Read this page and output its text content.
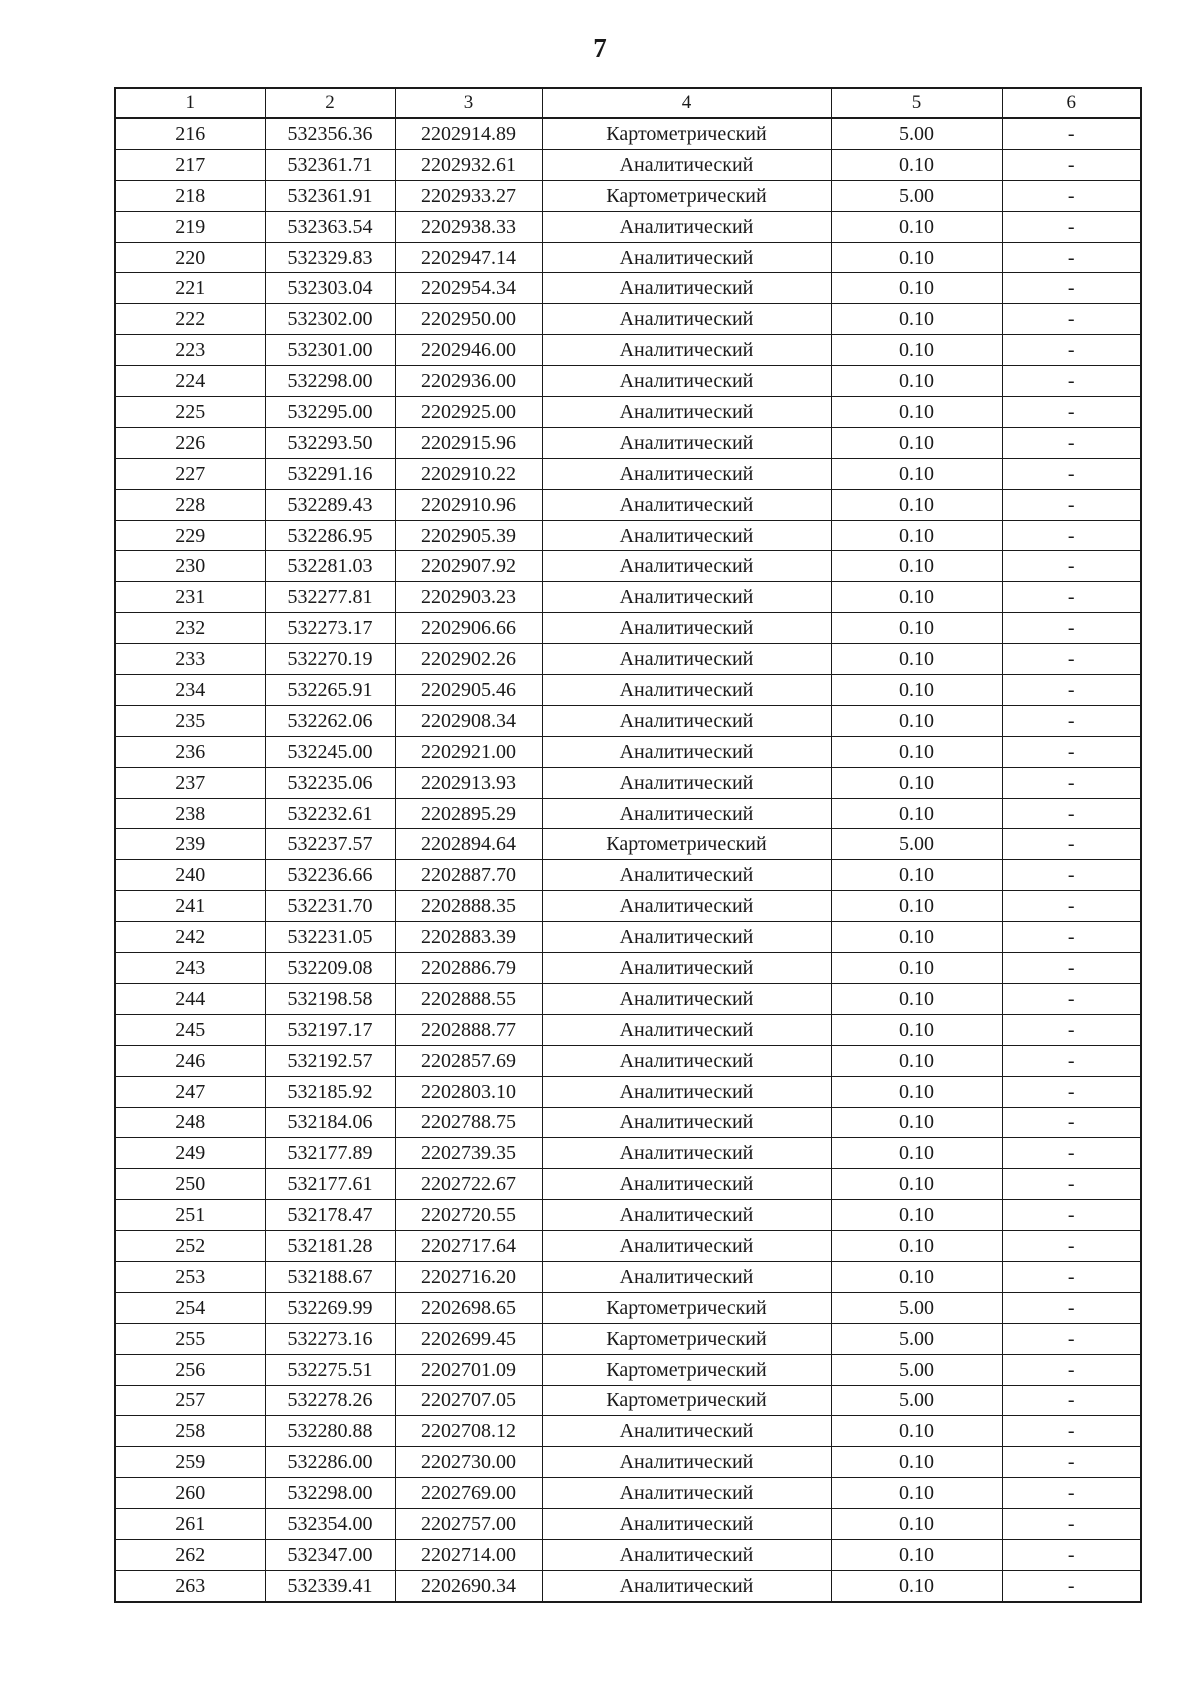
7
1	2	3	4	5	6
216	532356.36	2202914.89	Картометрический	5.00	-
217	532361.71	2202932.61	Аналитический	0.10	-
218	532361.91	2202933.27	Картометрический	5.00	-
219	532363.54	2202938.33	Аналитический	0.10	-
220	532329.83	2202947.14	Аналитический	0.10	-
221	532303.04	2202954.34	Аналитический	0.10	-
222	532302.00	2202950.00	Аналитический	0.10	-
223	532301.00	2202946.00	Аналитический	0.10	-
224	532298.00	2202936.00	Аналитический	0.10	-
225	532295.00	2202925.00	Аналитический	0.10	-
226	532293.50	2202915.96	Аналитический	0.10	-
227	532291.16	2202910.22	Аналитический	0.10	-
228	532289.43	2202910.96	Аналитический	0.10	-
229	532286.95	2202905.39	Аналитический	0.10	-
230	532281.03	2202907.92	Аналитический	0.10	-
231	532277.81	2202903.23	Аналитический	0.10	-
232	532273.17	2202906.66	Аналитический	0.10	-
233	532270.19	2202902.26	Аналитический	0.10	-
234	532265.91	2202905.46	Аналитический	0.10	-
235	532262.06	2202908.34	Аналитический	0.10	-
236	532245.00	2202921.00	Аналитический	0.10	-
237	532235.06	2202913.93	Аналитический	0.10	-
238	532232.61	2202895.29	Аналитический	0.10	-
239	532237.57	2202894.64	Картометрический	5.00	-
240	532236.66	2202887.70	Аналитический	0.10	-
241	532231.70	2202888.35	Аналитический	0.10	-
242	532231.05	2202883.39	Аналитический	0.10	-
243	532209.08	2202886.79	Аналитический	0.10	-
244	532198.58	2202888.55	Аналитический	0.10	-
245	532197.17	2202888.77	Аналитический	0.10	-
246	532192.57	2202857.69	Аналитический	0.10	-
247	532185.92	2202803.10	Аналитический	0.10	-
248	532184.06	2202788.75	Аналитический	0.10	-
249	532177.89	2202739.35	Аналитический	0.10	-
250	532177.61	2202722.67	Аналитический	0.10	-
251	532178.47	2202720.55	Аналитический	0.10	-
252	532181.28	2202717.64	Аналитический	0.10	-
253	532188.67	2202716.20	Аналитический	0.10	-
254	532269.99	2202698.65	Картометрический	5.00	-
255	532273.16	2202699.45	Картометрический	5.00	-
256	532275.51	2202701.09	Картометрический	5.00	-
257	532278.26	2202707.05	Картометрический	5.00	-
258	532280.88	2202708.12	Аналитический	0.10	-
259	532286.00	2202730.00	Аналитический	0.10	-
260	532298.00	2202769.00	Аналитический	0.10	-
261	532354.00	2202757.00	Аналитический	0.10	-
262	532347.00	2202714.00	Аналитический	0.10	-
263	532339.41	2202690.34	Аналитический	0.10	-
